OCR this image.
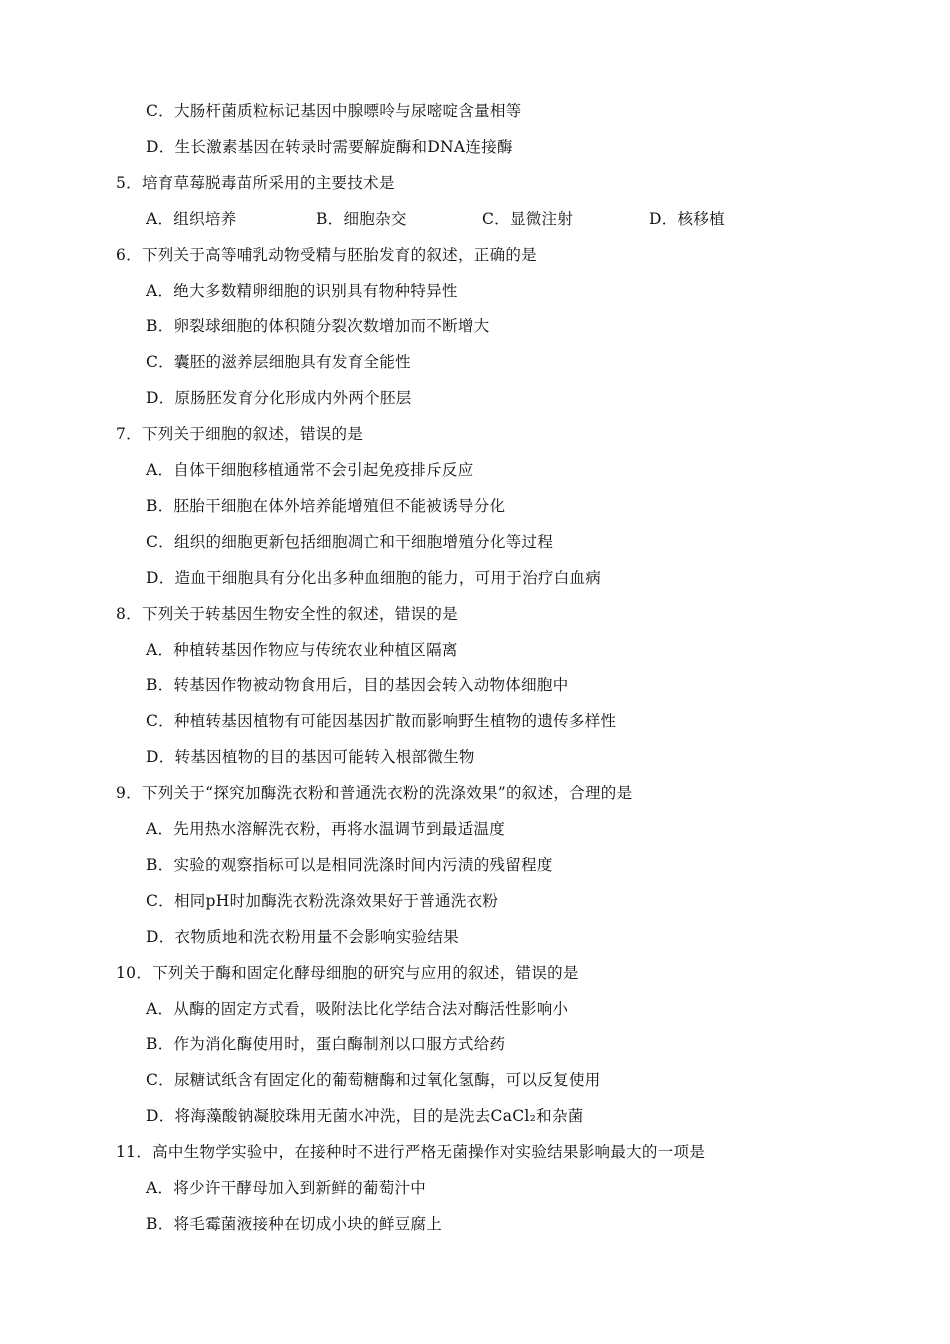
C．大肠杆菌质粒标记基因中腺嘌呤与尿嘧啶含量相等
D．生长激素基因在转录时需要解旋酶和DNA连接酶
5．培育草莓脱毒苗所采用的主要技术是
A．组织培养	B．细胞杂交	C．显微注射	D．核移植
6．下列关于高等哺乳动物受精与胚胎发育的叙述，正确的是
A．绝大多数精卵细胞的识别具有物种特异性
B．卵裂球细胞的体积随分裂次数增加而不断增大
C．囊胚的滋养层细胞具有发育全能性
D．原肠胚发育分化形成内外两个胚层
7．下列关于细胞的叙述，错误的是
A．自体干细胞移植通常不会引起免疫排斥反应
B．胚胎干细胞在体外培养能增殖但不能被诱导分化
C．组织的细胞更新包括细胞凋亡和干细胞增殖分化等过程
D．造血干细胞具有分化出多种血细胞的能力，可用于治疗白血病
8．下列关于转基因生物安全性的叙述，错误的是
A．种植转基因作物应与传统农业种植区隔离
B．转基因作物被动物食用后，目的基因会转入动物体细胞中
C．种植转基因植物有可能因基因扩散而影响野生植物的遗传多样性
D．转基因植物的目的基因可能转入根部微生物
9．下列关于“探究加酶洗衣粉和普通洗衣粉的洗涤效果”的叙述，合理的是
A．先用热水溶解洗衣粉，再将水温调节到最适温度
B．实验的观察指标可以是相同洗涤时间内污渍的残留程度
C．相同pH时加酶洗衣粉洗涤效果好于普通洗衣粉
D．衣物质地和洗衣粉用量不会影响实验结果
10．下列关于酶和固定化酵母细胞的研究与应用的叙述，错误的是
A．从酶的固定方式看，吸附法比化学结合法对酶活性影响小
B．作为消化酶使用时，蛋白酶制剂以口服方式给药
C．尿糖试纸含有固定化的葡萄糖酶和过氧化氢酶，可以反复使用
D．将海藻酸钠凝胶珠用无菌水冲洗，目的是洗去CaCl₂和杂菌
11．高中生物学实验中，在接种时不进行严格无菌操作对实验结果影响最大的一项是
A．将少许干酵母加入到新鲜的葡萄汁中
B．将毛霉菌液接种在切成小块的鲜豆腐上
